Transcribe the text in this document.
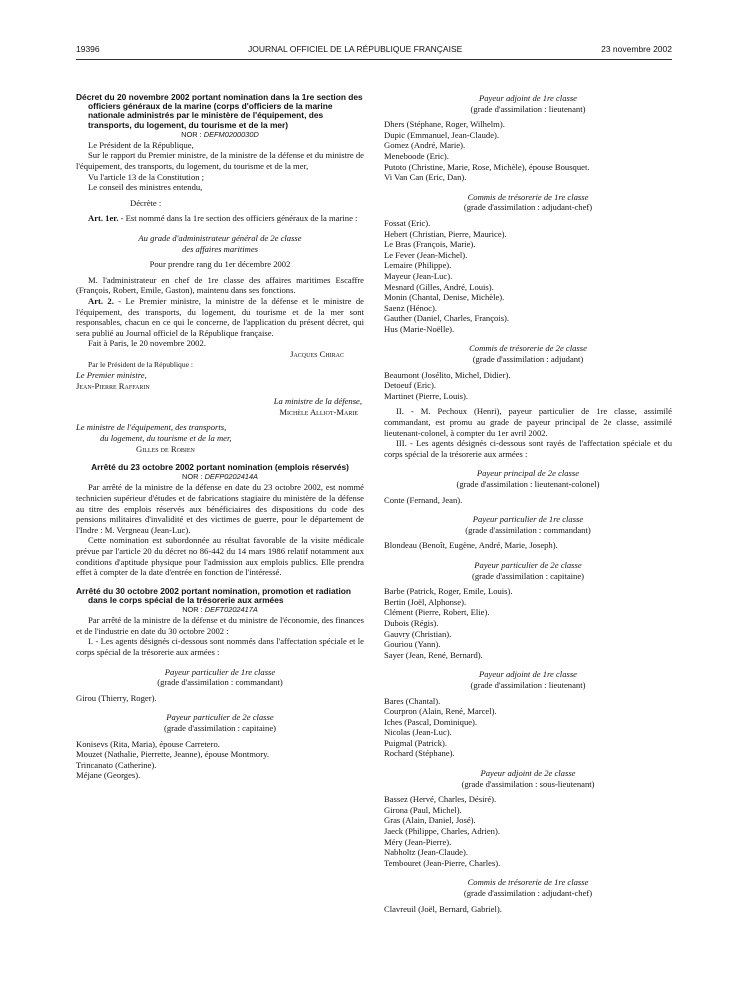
19396	JOURNAL OFFICIEL DE LA RÉPUBLIQUE FRANÇAISE	23 novembre 2002

Décret du 20 novembre 2002 portant nomination dans la 1re section des officiers généraux de la marine (corps d'officiers de la marine nationale administrés par le ministère de l'équipement, des transports, du logement, du tourisme et de la mer)

NOR : DEFM0200030D

Le Président de la République,

Sur le rapport du Premier ministre, de la ministre de la défense et du ministre de l'équipement, des transports, du logement, du tourisme et de la mer,

Vu l'article 13 de la Constitution ;

Le conseil des ministres entendu,

Décrète :

Art. 1er. - Est nommé dans la 1re section des officiers généraux de la marine :

Au grade d'administrateur général de 2e classe

des affaires maritimes

Pour prendre rang du 1er décembre 2002

M. l'administrateur en chef de 1re classe des affaires maritimes Escaffre (François, Robert, Emile, Gaston), maintenu dans ses fonctions.

Art. 2. - Le Premier ministre, la ministre de la défense et le ministre de l'équipement, des transports, du logement, du tourisme et de la mer sont responsables, chacun en ce qui le concerne, de l'application du présent décret, qui sera publié au Journal officiel de la République française.

Fait à Paris, le 20 novembre 2002.

Jacques Chirac

Par le Président de la République :

Le Premier ministre,

Jean-Pierre Raffarin

La ministre de la défense,

Michèle Alliot-Marie

Le ministre de l'équipement, des transports,

du logement, du tourisme et de la mer,

Gilles de Robien

Arrêté du 23 octobre 2002 portant nomination (emplois réservés)

NOR : DEFP0202414A

Par arrêté de la ministre de la défense en date du 23 octobre 2002, est nommé technicien supérieur d'études et de fabrications stagiaire du ministère de la défense au titre des emplois réservés aux bénéficiaires des dispositions du code des pensions militaires d'invalidité et des victimes de guerre, pour le département de l'Indre : M. Vergneau (Jean-Luc).

Cette nomination est subordonnée au résultat favorable de la visite médicale prévue par l'article 20 du décret no 86-442 du 14 mars 1986 relatif notamment aux conditions d'aptitude physique pour l'admission aux emplois publics. Elle prendra effet à compter de la date d'entrée en fonction de l'intéressé.

Arrêté du 30 octobre 2002 portant nomination, promotion et radiation dans le corps spécial de la trésorerie aux armées

NOR : DEFT0202417A

Par arrêté de la ministre de la défense et du ministre de l'économie, des finances et de l'industrie en date du 30 octobre 2002 :

I. - Les agents désignés ci-dessous sont nommés dans l'affectation spéciale et le corps spécial de la trésorerie aux armées :

Payeur particulier de 1re classe

(grade d'assimilation : commandant)

Girou (Thierry, Roger).

Payeur particulier de 2e classe

(grade d'assimilation : capitaine)

Konisevs (Rita, Maria), épouse Carretero.

Mouzet (Nathalie, Pierrette, Jeanne), épouse Montmory.

Trincanato (Catherine).

Méjane (Georges).

Payeur adjoint de 1re classe

(grade d'assimilation : lieutenant)

Dhers (Stéphane, Roger, Wilhelm).

Dupic (Emmanuel, Jean-Claude).

Gomez (André, Marie).

Meneboode (Eric).

Putoto (Christine, Marie, Rose, Michèle), épouse Bousquet.

Vi Van Can (Eric, Dan).

Commis de trésorerie de 1re classe

(grade d'assimilation : adjudant-chef)

Fossat (Eric).

Hebert (Christian, Pierre, Maurice).

Le Bras (François, Marie).

Le Fever (Jean-Michel).

Lemaire (Philippe).

Mayeur (Jean-Luc).

Mesnard (Gilles, André, Louis).

Monin (Chantal, Denise, Michèle).

Saenz (Hénoc).

Gauther (Daniel, Charles, François).

Hus (Marie-Noëlle).

Commis de trésorerie de 2e classe

(grade d'assimilation : adjudant)

Beaumont (Josélito, Michel, Didier).

Detoeuf (Eric).

Martinet (Pierre, Louis).

II. - M. Pechoux (Henri), payeur particulier de 1re classe, assimilé commandant, est promu au grade de payeur principal de 2e classe, assimilé lieutenant-colonel, à compter du 1er avril 2002.

III. - Les agents désignés ci-dessous sont rayés de l'affectation spéciale et du corps spécial de la trésorerie aux armées :

Payeur principal de 2e classe

(grade d'assimilation : lieutenant-colonel)

Conte (Fernand, Jean).

Payeur particulier de 1re classe

(grade d'assimilation : commandant)

Blondeau (Benoît, Eugène, André, Marie, Joseph).

Payeur particulier de 2e classe

(grade d'assimilation : capitaine)

Barbe (Patrick, Roger, Emile, Louis).

Bertin (Joël, Alphonse).

Clément (Pierre, Robert, Elie).

Dubois (Régis).

Gauvry (Christian).

Gouriou (Yann).

Sayer (Jean, René, Bernard).

Payeur adjoint de 1re classe

(grade d'assimilation : lieutenant)

Bares (Chantal).

Courpron (Alain, René, Marcel).

Iches (Pascal, Dominique).

Nicolas (Jean-Luc).

Puigmal (Patrick).

Rochard (Stéphane).

Payeur adjoint de 2e classe

(grade d'assimilation : sous-lieutenant)

Bassez (Hervé, Charles, Désiré).

Girona (Paul, Michel).

Gras (Alain, Daniel, José).

Jaeck (Philippe, Charles, Adrien).

Méry (Jean-Pierre).

Nabholtz (Jean-Claude).

Tembouret (Jean-Pierre, Charles).

Commis de trésorerie de 1re classe

(grade d'assimilation : adjudant-chef)

Clavreuil (Joël, Bernard, Gabriel).
